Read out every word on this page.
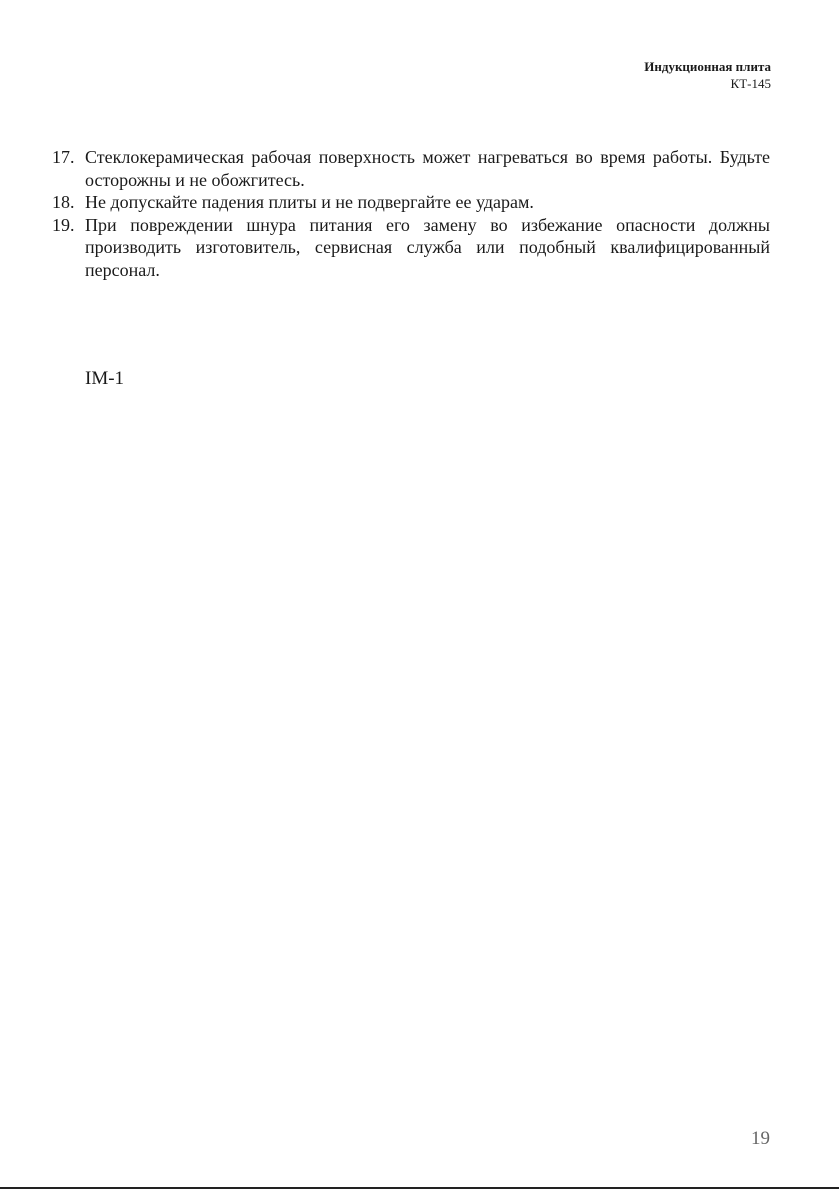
Индукционная плита
КТ-145
17. Стеклокерамическая рабочая поверхность может нагреваться во время работы. Будьте осторожны и не обожгитесь.
18. Не допускайте падения плиты и не подвергайте ее ударам.
19. При повреждении шнура питания его замену во избежание опасности должны производить изготовитель, сервисная служба или подобный квалифицированный персонал.
IM-1
19
